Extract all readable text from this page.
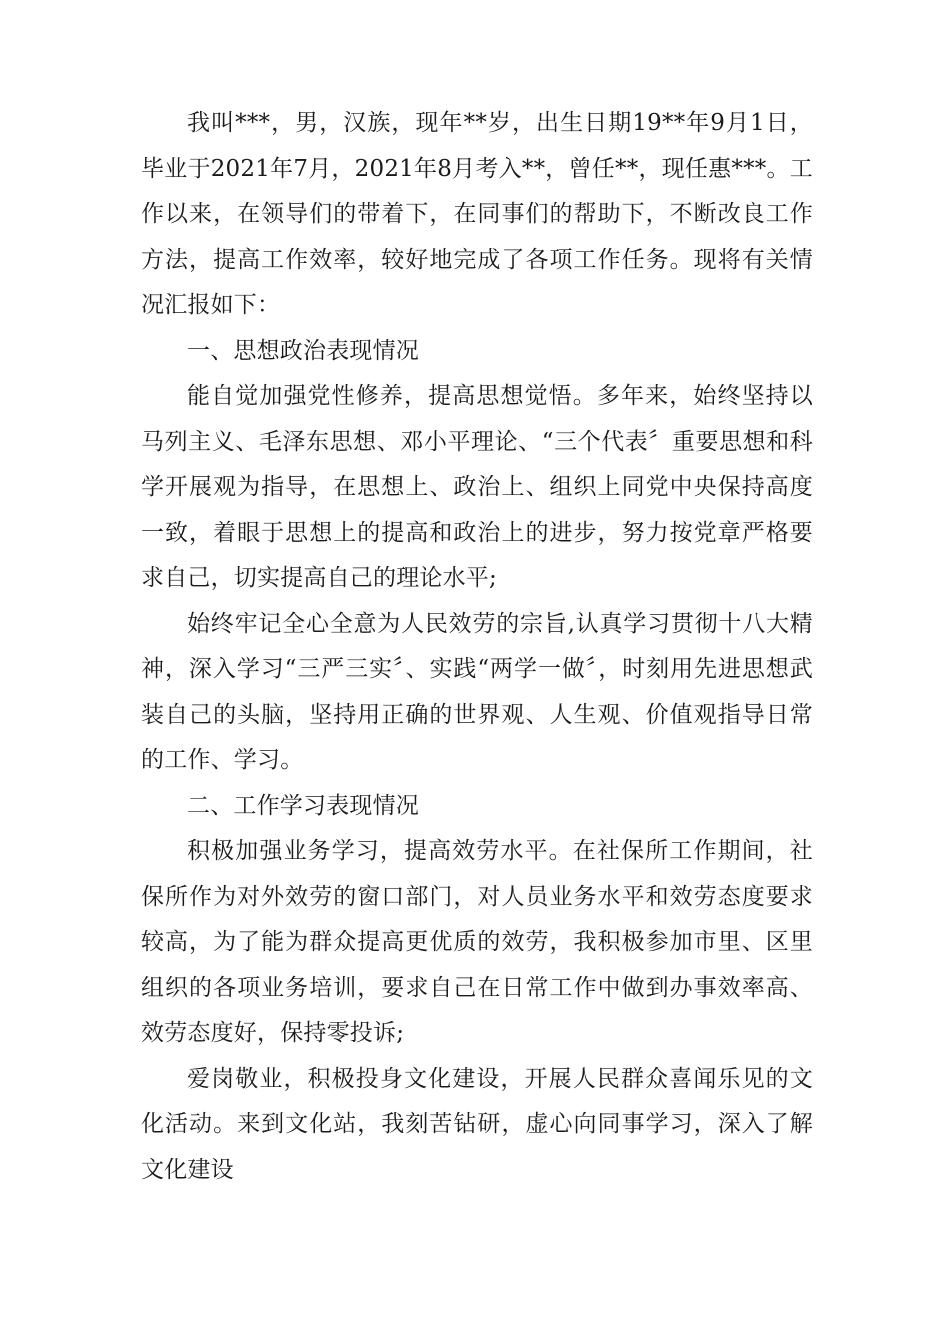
我叫***，男，汉族，现年**岁，出生日期19**年9月1日，毕业于2021年7月，2021年8月考入**，曾任**，现任惠***。工作以来，在领导们的带着下，在同事们的帮助下，不断改良工作方法，提高工作效率，较好地完成了各项工作任务。现将有关情况汇报如下：

一、思想政治表现情况

能自觉加强党性修养，提高思想觉悟。多年来，始终坚持以马列主义、毛泽东思想、邓小平理论、“三个代表〞重要思想和科学开展观为指导，在思想上、政治上、组织上同党中央保持高度一致，着眼于思想上的提高和政治上的进步，努力按党章严格要求自己，切实提高自己的理论水平;

始终牢记全心全意为人民效劳的宗旨,认真学习贯彻十八大精神，深入学习“三严三实〞、实践“两学一做〞，时刻用先进思想武装自己的头脑，坚持用正确的世界观、人生观、价值观指导日常的工作、学习。

二、工作学习表现情况

积极加强业务学习，提高效劳水平。在社保所工作期间，社保所作为对外效劳的窗口部门，对人员业务水平和效劳态度要求较高，为了能为群众提高更优质的效劳，我积极参加市里、区里组织的各项业务培训，要求自己在日常工作中做到办事效率高、效劳态度好，保持零投诉;

爱岗敬业，积极投身文化建设，开展人民群众喜闻乐见的文化活动。来到文化站，我刻苦钻研，虚心向同事学习，深入了解文化建设
